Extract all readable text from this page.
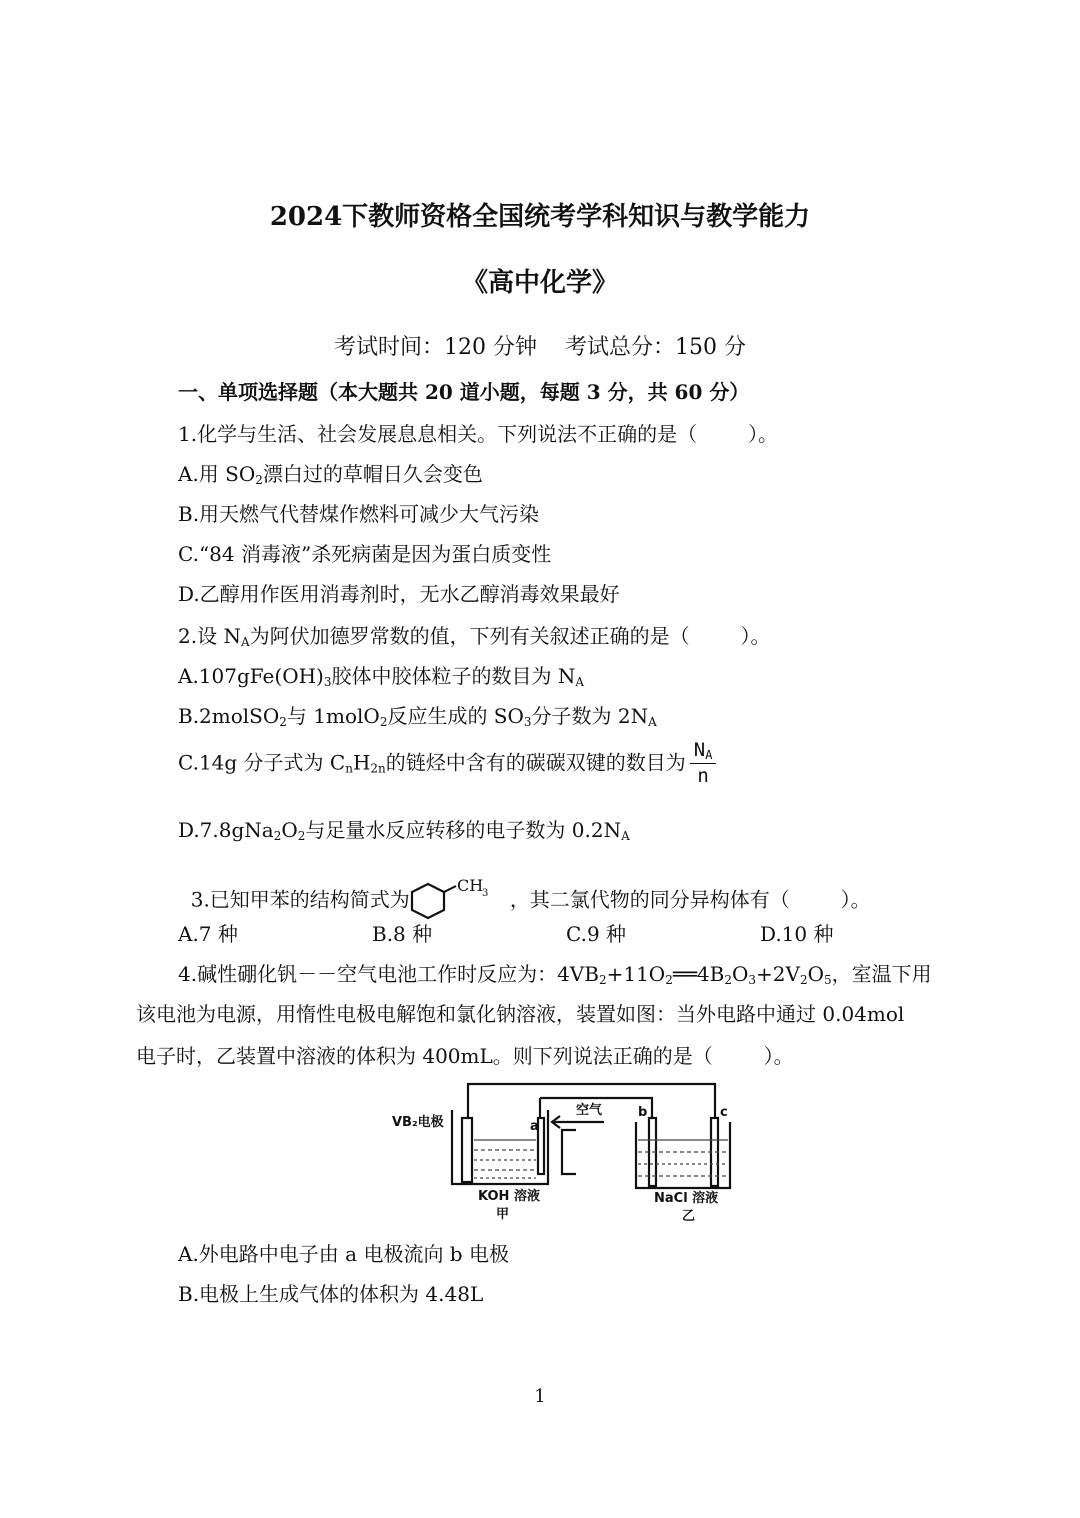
2024下教师资格全国统考学科知识与教学能力
《高中化学》
考试时间：120 分钟    考试总分：150 分
一、单项选择题（本大题共 20 道小题，每题 3 分，共 60 分）
1.化学与生活、社会发展息息相关。下列说法不正确的是（        ）。
A.用 $SO_2$漂白过的草帽日久会变色
B.用天燃气代替煤作燃料可减少大气污染
C.“84 消毒液”杀死病菌是因为蛋白质变性
D.乙醇用作医用消毒剂时，无水乙醇消毒效果最好
2.设 $N_A$为阿伏加德罗常数的值，下列有关叙述正确的是（        ）。
$A.107gFe(OH)_3$胶体中胶体粒子的数目为 $N_A$
B.2molSO$_2$与 1molO$_2$反应生成的 $SO_3$分子数为 $2N_A$
C.14g 分子式为 $C_nH_{2n}$的链烃中含有的碳碳双键的数目为 $\frac{N_A}{n}$
$D.7.8gNa_2O_2$与足量水反应转移的电子数为 $0.2N_A$

3.已知甲苯的结构简式为
CH
3 ，其二氯代物的同分异构体有（        ）。

A.7 种	B.8 种	C.9 种	D.10 种
4.碱性硼化钒－－空气电池工作时反应为：$4VB_2+11O_2══4B_2O_3+2V_2O_5$，室温下用
该电池为电源，用惰性电极电解饱和氯化钠溶液，装置如图：当外电路中通过 0.04mol
电子时，乙装置中溶液的体积为 400mL。则下列说法正确的是（        ）。
VB₂电极
空气
a
b	c
KOH 溶液
甲
NaCl 溶液
乙
A.外电路中电子由 a 电极流向 b 电极
B.电极上生成气体的体积为 4.48L
1
